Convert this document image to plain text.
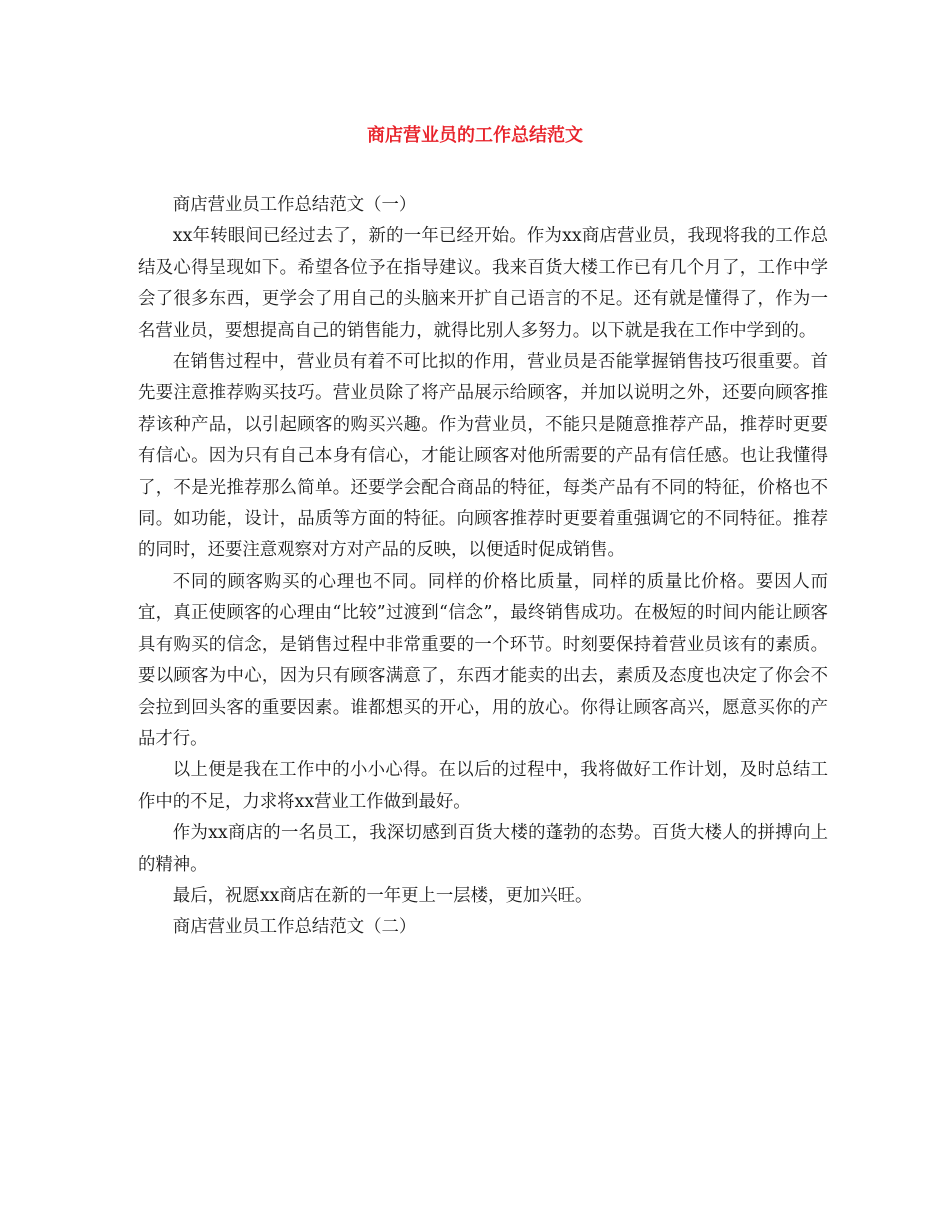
商店营业员的工作总结范文

商店营业员工作总结范文（一）

xx年转眼间已经过去了，新的一年已经开始。作为xx商店营业员，我现将我的工作总结及心得呈现如下。希望各位予在指导建议。我来百货大楼工作已有几个月了，工作中学会了很多东西，更学会了用自己的头脑来开扩自己语言的不足。还有就是懂得了，作为一名营业员，要想提高自己的销售能力，就得比别人多努力。以下就是我在工作中学到的。

在销售过程中，营业员有着不可比拟的作用，营业员是否能掌握销售技巧很重要。首先要注意推荐购买技巧。营业员除了将产品展示给顾客，并加以说明之外，还要向顾客推荐该种产品，以引起顾客的购买兴趣。作为营业员，不能只是随意推荐产品，推荐时更要有信心。因为只有自己本身有信心，才能让顾客对他所需要的产品有信任感。也让我懂得了，不是光推荐那么简单。还要学会配合商品的特征，每类产品有不同的特征，价格也不同。如功能，设计，品质等方面的特征。向顾客推荐时更要着重强调它的不同特征。推荐的同时，还要注意观察对方对产品的反映，以便适时促成销售。

不同的顾客购买的心理也不同。同样的价格比质量，同样的质量比价格。要因人而宜，真正使顾客的心理由“比较”过渡到“信念”，最终销售成功。在极短的时间内能让顾客具有购买的信念，是销售过程中非常重要的一个环节。时刻要保持着营业员该有的素质。要以顾客为中心，因为只有顾客满意了，东西才能卖的出去，素质及态度也决定了你会不会拉到回头客的重要因素。谁都想买的开心，用的放心。你得让顾客高兴，愿意买你的产品才行。

以上便是我在工作中的小小心得。在以后的过程中，我将做好工作计划，及时总结工作中的不足，力求将xx营业工作做到最好。

作为xx商店的一名员工，我深切感到百货大楼的蓬勃的态势。百货大楼人的拼搏向上的精神。

最后，祝愿xx商店在新的一年更上一层楼，更加兴旺。

商店营业员工作总结范文（二）
